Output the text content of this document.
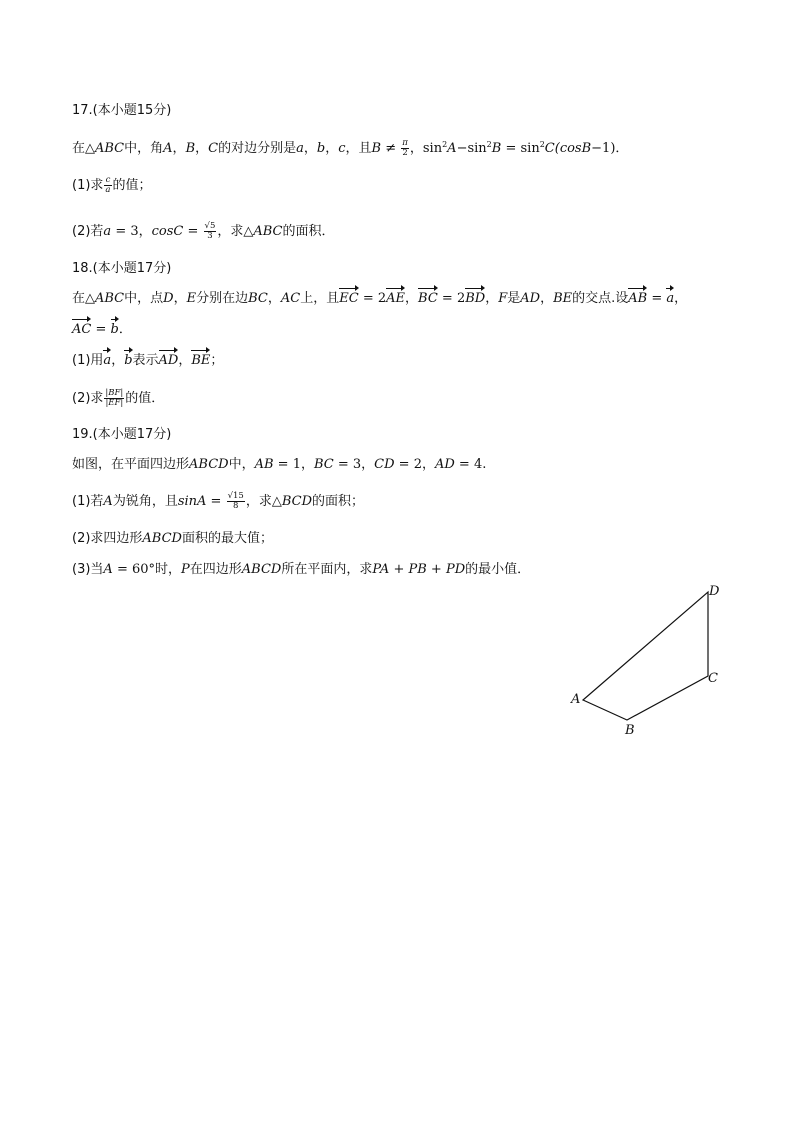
17.(本小题15分)
在△ABC中，角A，B，C的对边分别是a，b，c，且$B \ne \frac{\pi}{2}$ ，$\sin^2A-\sin^2B = \sin^2C(\cos B-1)$．
(1)求 $\frac{c}{a}$ 的值；
(2)若a = 3，$\cos C = \frac{√5}{3}$ ，求△ABC的面积．
18.(本小题17分)
在△ABC中，点D，E分别在边BC，AC上，且EC = 2AE，BC = 2BD，F是AD，BE的交点.设AB = a，
AC = b．
(1)用a，b表示AD，BE；
(2)求 $\frac{|BF|}{|EF|}$ 的值．
19.(本小题17分)
如图，在平面四边形ABCD中，AB = 1，BC = 3，CD = 2，AD = 4.
(1)若A为锐角，且$\sin A = \frac{√15}{8}$ ，求△BCD的面积；
(2)求四边形ABCD面积的最大值；
(3)当A = 60°时，P在四边形ABCD所在平面内，求PA + PB + PD的最小值．
A
B
C
D
